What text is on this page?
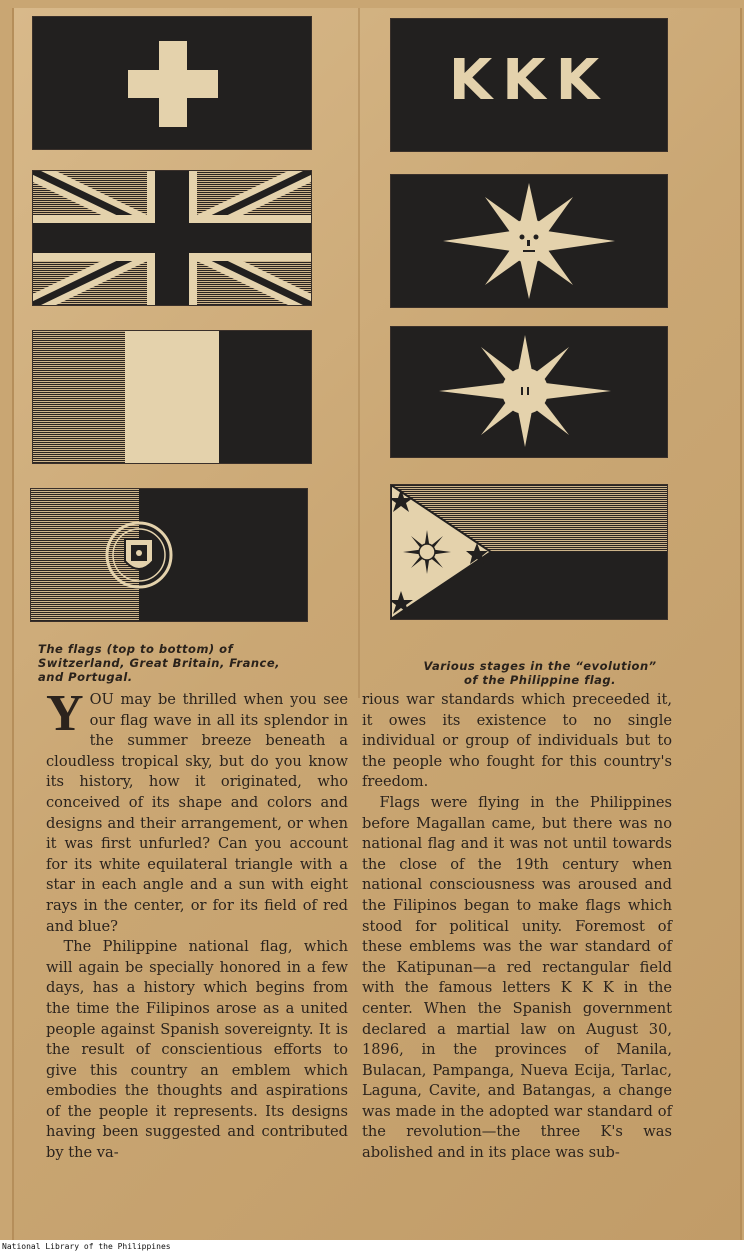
The flags (top to bottom) of
Switzerland, Great Britain, France,
and Portugal.
KKK
Various stages in the “evolution”
of the Philippine flag.
Y OU may be thrilled when you see our flag wave in all its splendor in the summer breeze beneath a cloudless tropical sky, but do you know its history, how it originated, who conceived of its shape and colors and designs and their arrangement, or when it was first unfurled? Can you account for its white equilateral triangle with a star in each angle and a sun with eight rays in the center, or for its field of red and blue?

The Philippine national flag, which will again be specially honored in a few days, has a history which begins from the time the Filipinos arose as a united people against Spanish sovereignty. It is the result of conscientious efforts to give this country an emblem which embodies the thoughts and aspirations of the people it represents. Its designs having been suggested and contributed by the va-

rious war standards which preceeded it, it owes its existence to no single individual or group of individuals but to the people who fought for this country's freedom.

Flags were flying in the Philippines before Magallan came, but there was no national flag and it was not until towards the close of the 19th century when national consciousness was aroused and the Filipinos began to make flags which stood for political unity. Foremost of these emblems was the war standard of the Katipunan—a red rectangular field with the famous letters K K K in the center. When the Spanish government declared a martial law on August 30, 1896, in the provinces of Manila, Bulacan, Pampanga, Nueva Ecija, Tarlac, Laguna, Cavite, and Batangas, a change was made in the adopted war standard of the revolution—the three K's was abolished and in its place was sub-

National Library of the Philippines
